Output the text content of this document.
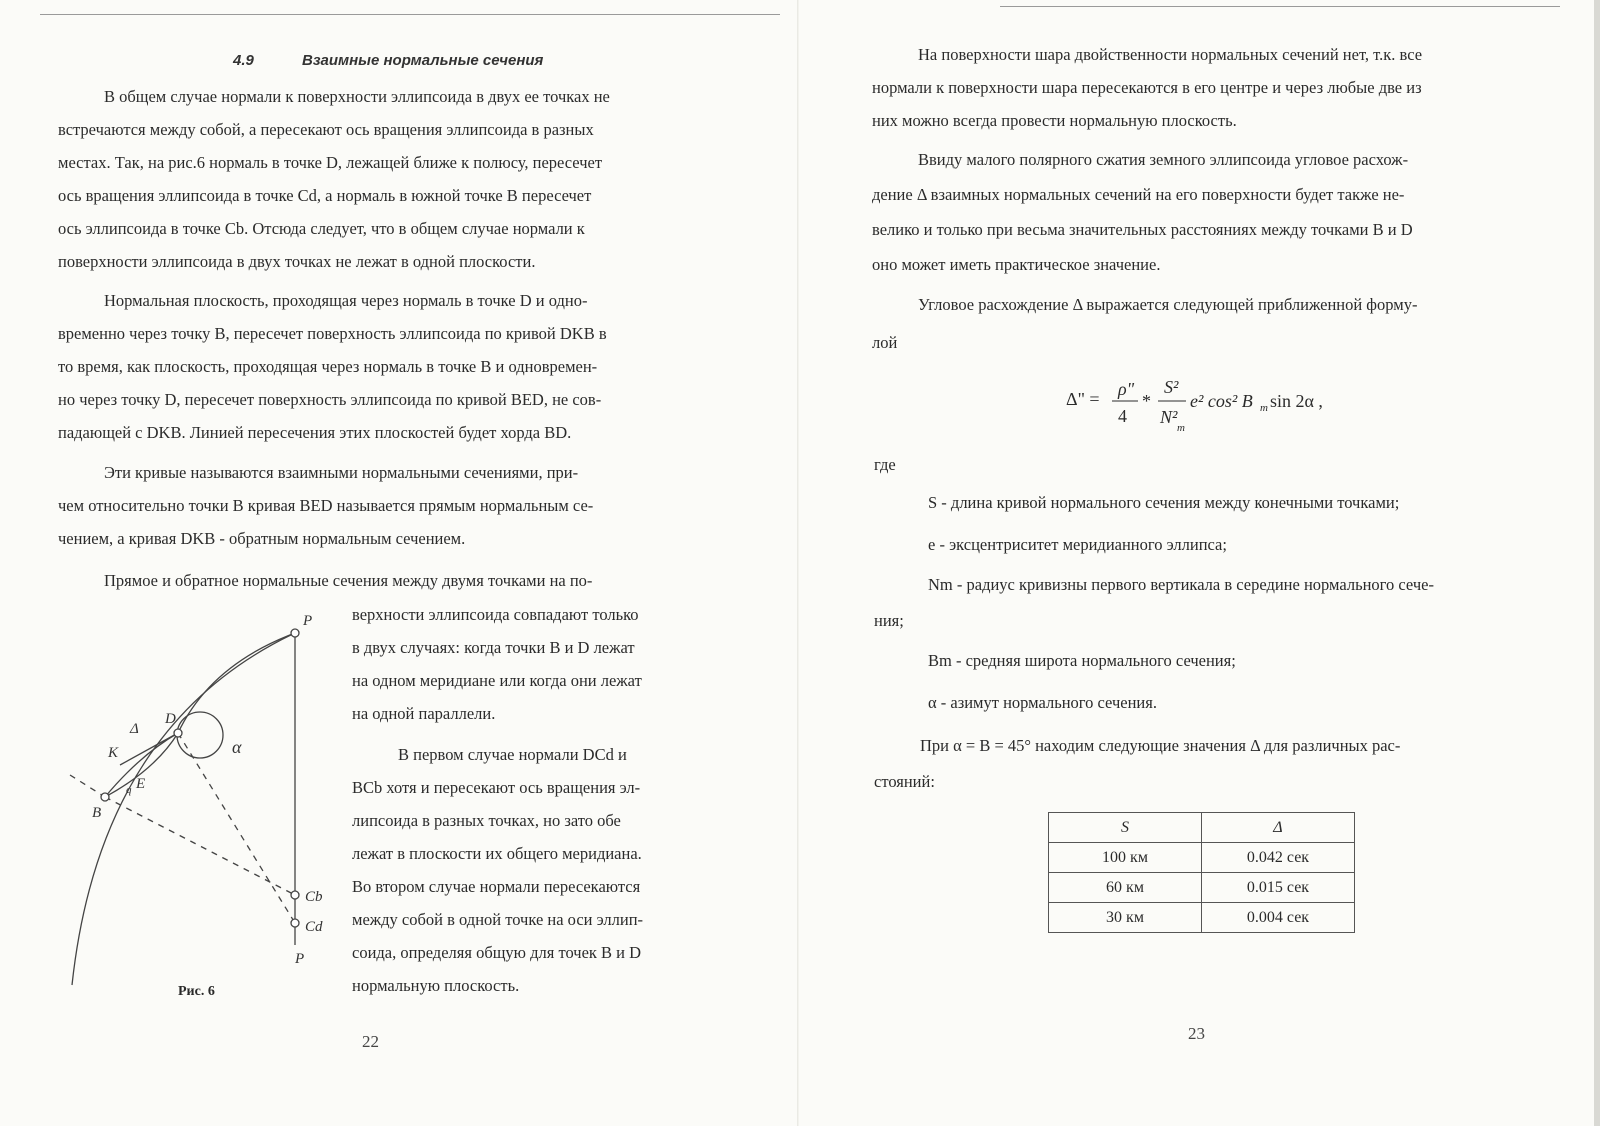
4.9	Взаимные нормальные сечения
В общем случае нормали к поверхности эллипсоида в двух ее точках не
встречаются между собой, а пересекают ось вращения эллипсоида в разных
местах. Так, на рис.6 нормаль в точке D, лежащей ближе к полюсу, пересечет
ось вращения эллипсоида в точке Cd, а нормаль в южной точке B пересечет
ось эллипсоида в точке Cb. Отсюда следует, что в общем случае нормали к
поверхности эллипсоида в двух точках не лежат в одной плоскости.
Нормальная плоскость, проходящая через нормаль в точке D и одно-
временно через точку B, пересечет поверхность эллипсоида по кривой DKB в
то время, как плоскость, проходящая через нормаль в точке B и одновремен-
но через точку D, пересечет поверхность эллипсоида по кривой BED, не сов-
падающей с DKB. Линией пересечения этих плоскостей будет хорда BD.
Эти кривые называются взаимными нормальными сечениями, при-
чем относительно точки B кривая BED называется прямым нормальным се-
чением, а кривая DKB - обратным нормальным сечением.
Прямое и обратное нормальные сечения между двумя точками на по-
верхности эллипсоида совпадают только
в двух случаях: когда точки B и D лежат
на одном меридиане или когда они лежат
на одной параллели.
В первом случае нормали DCd и
BCb хотя и пересекают ось вращения эл-
липсоида в разных точках, но зато обе
лежат в плоскости их общего меридиана.
Во втором случае нормали пересекаются
между собой в одной точке на оси эллип-
соида, определяя общую для точек B и D
нормальную плоскость.
P
D
B
K
E
q
Δ
α
Cb
Cd
P
Рис. 6
22
На поверхности шара двойственности нормальных сечений нет, т.к. все
нормали к поверхности шара пересекаются в его центре и через любые две из
них можно всегда провести нормальную плоскость.
Ввиду малого полярного сжатия земного эллипсоида угловое расхож-
дение Δ взаимных нормальных сечений на его поверхности будет также не-
велико и только при весьма значительных расстояниях между точками B и D
оно может иметь практическое значение.
Угловое расхождение Δ выражается следующей приближенной форму-
лой
Δ" = ρ"
4
*
S²
N²
m
e² cos² B m sin 2α ,
где
S - длина кривой нормального сечения между конечными точками;
e - эксцентриситет меридианного эллипса;
Nm - радиус кривизны первого вертикала в середине нормального сече-
ния;
Bm - средняя широта нормального сечения;
α - азимут нормального сечения.
При α = B = 45° находим следующие значения Δ для различных рас-
стояний:
S	Δ
100 км	0.042 сек
60 км	0.015 сек
30 км	0.004 сек
23
